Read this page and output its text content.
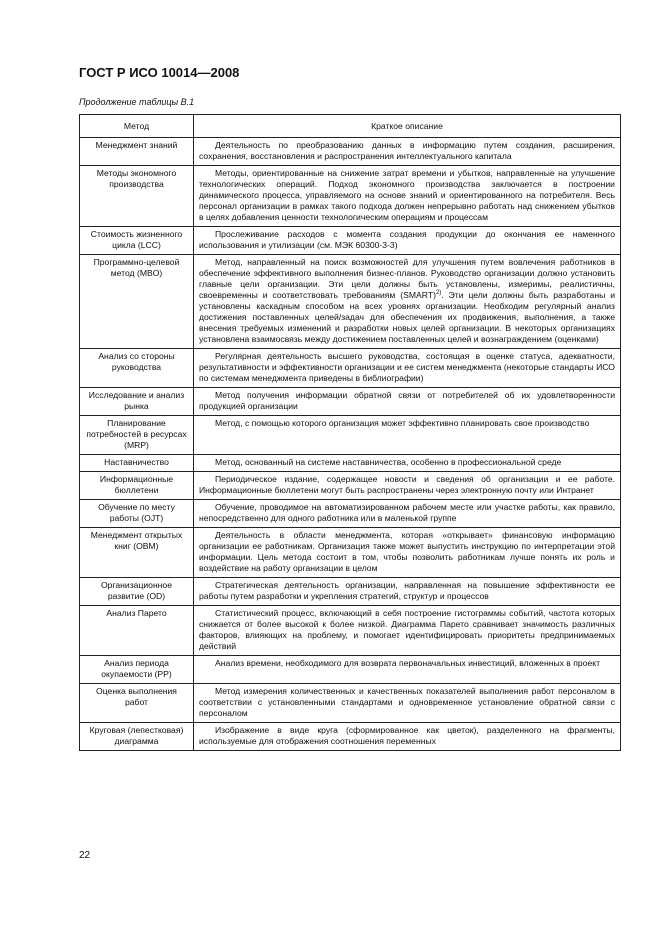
ГОСТ Р ИСО 10014—2008
Продолжение таблицы В.1
Метод	Краткое описание
Менеджмент знаний	Деятельность по преобразованию данных в информацию путем создания, расширения, сохранения, восстановления и распространения интеллектуального капитала
Методы экономного производства	Методы, ориентированные на снижение затрат времени и убытков, направленные на улучшение технологических операций. Подход экономного производства заключается в построении динамического процесса, управляемого на основе знаний и ориентированного на потребителя. Весь персонал организации в рамках такого подхода должен непрерывно работать над снижением убытков в целях добавления ценности технологическим операциям и процессам
Стоимость жизненного цикла (LCC)	Прослеживание расходов с момента создания продукции до окончания ее наменного использования и утилизации (см. МЭК 60300-3-3)
Программно-целевой метод (MBO)	Метод, направленный на поиск возможностей для улучшения путем вовлечения работников в обеспечение эффективного выполнения бизнес-планов. Руководство организации должно установить главные цели организации. Эти цели должны быть установлены, измеримы, реалистичны, своевременны и соответствовать требованиям (SMART)$^{2)}$. Эти цели должны быть разработаны и установлены каскадным способом на всех уровнях организации. Необходим регулярный анализ достижения поставленных целей/задач для обеспечения их продвижения, выполнения, а также внесения требуемых изменений и разработки новых целей организации. В некоторых организациях установлена взаимосвязь между достижением поставленных целей и вознаграждением (оценками)
Анализ со стороны руководства	Регулярная деятельность высшего руководства, состоящая в оценке статуса, адекватности, результативности и эффективности организации и ее систем менеджмента (некоторые стандарты ИСО по системам менеджмента приведены в библиографии)
Исследование и анализ рынка	Метод получения информации обратной связи от потребителей об их удовлетворенности продукцией организации
Планирование потребностей в ресурсах (MRP)	Метод, с помощью которого организация может эффективно планировать свое производство
Наставничество	Метод, основанный на системе наставничества, особенно в профессиональной среде
Информационные бюллетени	Периодическое издание, содержащее новости и сведения об организации и ее работе. Информационные бюллетени могут быть распространены через электронную почту или Интранет
Обучение по месту работы (OJT)	Обучение, проводимое на автоматизированном рабочем месте или участке работы, как правило, непосредственно для одного работника или в маленькой группе
Менеджмент открытых книг (OBM)	Деятельность в области менеджмента, которая «открывает» финансовую информацию организации ее работникам. Организация также может выпустить инструкцию по интерпретации этой информации. Цель метода состоит в том, чтобы позволить работникам лучше понять их роль и воздействие на работу организации в целом
Организационное развитие (OD)	Стратегическая деятельность организации, направленная на повышение эффективности ее работы путем разработки и укрепления стратегий, структур и процессов
Анализ Парето	Статистический процесс, включающий в себя построение гистограммы событий, частота которых снижается от более высокой к более низкой. Диаграмма Парето сравнивает значимость различных факторов, влияющих на проблему, и помогает идентифицировать приоритеты предпринимаемых действий
Анализ периода окупаемости (PP)	Анализ времени, необходимого для возврата первоначальных инвестиций, вложенных в проект
Оценка выполнения работ	Метод измерения количественных и качественных показателей выполнения работ персоналом в соответствии с установленными стандартами и одновременное установление обратной связи с персоналом
Круговая (лепестковая) диаграмма	Изображение в виде круга (сформированное как цветок), разделенного на фрагменты, используемые для отображения соотношения переменных
22
